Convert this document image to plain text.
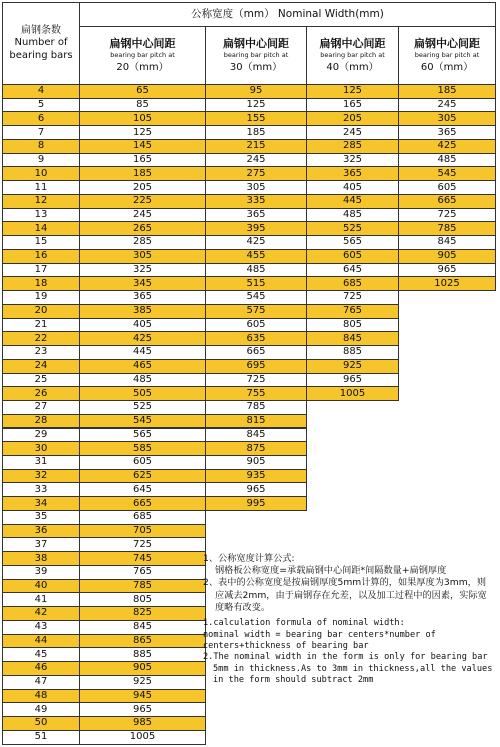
扁钢条数
Number of
bearing bars
公称宽度（mm） Nominal Width(mm)
扁钢中心间距
bearing bar pitch at
20（mm）
扁钢中心间距
bearing bar pitch at
30（mm）
扁钢中心间距
bearing bar pitch at
40（mm）
扁钢中心间距
bearing bar pitch at
60（mm）
4	65	95	125	185
5	85	125	165	245
6	105	155	205	305
7	125	185	245	365
8	145	215	285	425
9	165	245	325	485
10	185	275	365	545
11	205	305	405	605
12	225	335	445	665
13	245	365	485	725
14	265	395	525	785
15	285	425	565	845
16	305	455	605	905
17	325	485	645	965
18	345	515	685	1025
19	365	545	725
20	385	575	765
21	405	605	805
22	425	635	845
23	445	665	885
24	465	695	925
25	485	725	965
26	505	755	1005
27	525	785
28	545	815
29	565	845
30	585	875
31	605	905
32	625	935
33	645	965
34	665	995
35	685
36	705
37	725
38	745
39	765
40	785
41	805
42	825
43	845
44	865
45	885
46	905
47	925
48	945
49	965
50	985
51	1005

1、公称宽度计算公式:

钢格板公称宽度=承载扁钢中心间距*间隔数量+扁钢厚度

2、表中的公称宽度是按扁钢厚度5mm计算的，如果厚度为3mm，则应减去2mm，由于扁钢存在允差，以及加工过程中的因素，实际宽度略有改变。

1.calculation formula of nominal width:

nominal width = bearing bar centers*number of centers+thickness of bearing bar

2.The nominal width in the form is only for bearing bar 5mm in thickness.As to 3mm in thickness,all the values in the form should subtract 2mm
